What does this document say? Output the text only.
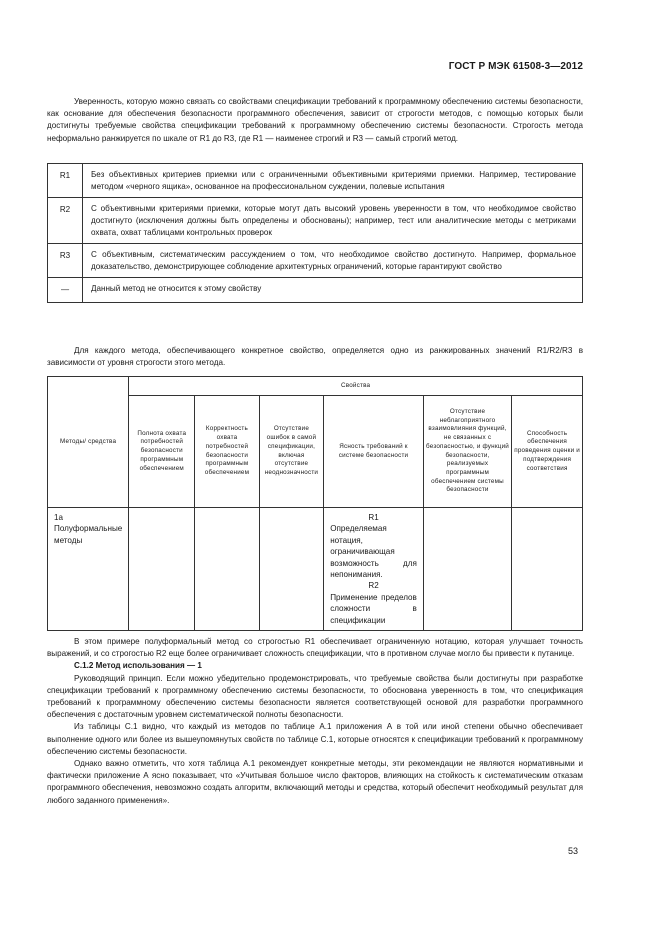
ГОСТ Р МЭК 61508-3—2012

Уверенность, которую можно связать со свойствами спецификации требований к программному обеспечению системы безопасности, как основание для обеспечения безопасности программного обеспечения, зависит от строгости методов, с помощью которых были достигнуты требуемые свойства спецификации требований к программному обеспечению системы безопасности. Строгость метода неформально ранжируется по шкале от R1 до R3, где R1 — наименее строгий и R3 — самый строгий метод.

R1	Без объективных критериев приемки или с ограниченными объективными критериями приемки. Например, тестирование методом «черного ящика», основанное на профессиональном суждении, полевые испытания
R2	С объективными критериями приемки, которые могут дать высокий уровень уверенности в том, что необходимое свойство достигнуто (исключения должны быть определены и обоснованы); например, тест или аналитические методы с метриками охвата, охват таблицами контрольных проверок
R3	С объективным, систематическим рассуждением о том, что необходимое свойство достигнуто. Например, формальное доказательство, демонстрирующее соблюдение архитектурных ограничений, которые гарантируют свойство
—	Данный метод не относится к этому свойству

Для каждого метода, обеспечивающего конкретное свойство, определяется одно из ранжированных значений R1/R2/R3 в зависимости от уровня строгости этого метода.

Методы/ средства	Свойства					
	Полнота охвата потребностей безопасности программным обеспечением	Корректность охвата потребностей безопасности программным обеспечением	Отсутствие ошибок в самой спецификации, включая отсутствие неоднозначности	Ясность требований к системе безопасности	Отсутствие неблагоприятного взаимовлияния функций, не связанных с безопасностью, и функций безопасности, реализуемых программным обеспечением системы безопасности	Способность обеспечения проведения оценки и подтверждения соответствия
1а Полуформальные методы				R1
Определяемая нотация, ограничивающая возможность для непонимания.
R2
Применение пределов сложности в спецификации		

В этом примере полуформальный метод со строгостью R1 обеспечивает ограниченную нотацию, которая улучшает точность выражений, и со строгостью R2 еще более ограничивает сложность спецификации, что в противном случае могло бы привести к путанице.

С.1.2 Метод использования — 1

Руководящий принцип. Если можно убедительно продемонстрировать, что требуемые свойства были достигнуты при разработке спецификации требований к программному обеспечению системы безопасности, то обоснована уверенность в том, что спецификация требований к программному обеспечению системы безопасности является соответствующей основой для разработки программного обеспечения с достаточным уровнем систематической полноты безопасности.

Из таблицы С.1 видно, что каждый из методов по таблице А.1 приложения А в той или иной степени обычно обеспечивает выполнение одного или более из вышеупомянутых свойств по таблице С.1, которые относятся к спецификации требований к программному обеспечению системы безопасности.

Однако важно отметить, что хотя таблица А.1 рекомендует конкретные методы, эти рекомендации не являются нормативными и фактически приложение А ясно показывает, что «Учитывая большое число факторов, влияющих на стойкость к систематическим отказам программного обеспечения, невозможно создать алгоритм, включающий методы и средства, который обеспечит необходимый результат для любого заданного применения».

53
